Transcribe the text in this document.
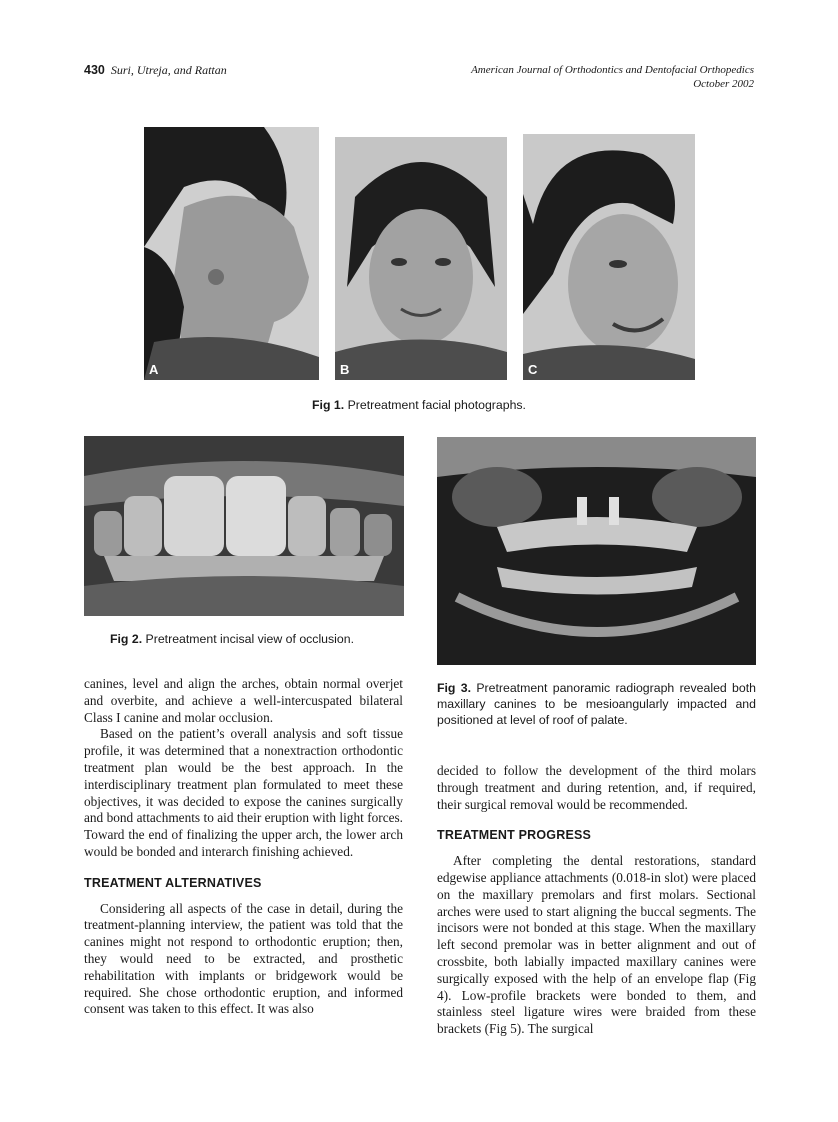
430 Suri, Utreja, and Rattan	American Journal of Orthodontics and Dentofacial Orthopedics
October 2002
A	B	C
Fig 1. Pretreatment facial photographs.
Fig 2. Pretreatment incisal view of occlusion.
Fig 3. Pretreatment panoramic radiograph revealed both maxillary canines to be mesioangularly impacted and positioned at level of roof of palate.

canines, level and align the arches, obtain normal overjet and overbite, and achieve a well-intercuspated bilateral Class I canine and molar occlusion.

Based on the patient’s overall analysis and soft tissue profile, it was determined that a nonextraction orthodontic treatment plan would be the best approach. In the interdisciplinary treatment plan formulated to meet these objectives, it was decided to expose the canines surgically and bond attachments to aid their eruption with light forces. Toward the end of finalizing the upper arch, the lower arch would be bonded and interarch finishing achieved.

TREATMENT ALTERNATIVES

Considering all aspects of the case in detail, during the treatment-planning interview, the patient was told that the canines might not respond to orthodontic eruption; then, they would need to be extracted, and prosthetic rehabilitation with implants or bridgework would be required. She chose orthodontic eruption, and informed consent was taken to this effect. It was also

decided to follow the development of the third molars through treatment and during retention, and, if required, their surgical removal would be recommended.

TREATMENT PROGRESS

After completing the dental restorations, standard edgewise appliance attachments (0.018-in slot) were placed on the maxillary premolars and first molars. Sectional arches were used to start aligning the buccal segments. The incisors were not bonded at this stage. When the maxillary left second premolar was in better alignment and out of crossbite, both labially impacted maxillary canines were surgically exposed with the help of an envelope flap (Fig 4). Low-profile brackets were bonded to them, and stainless steel ligature wires were braided from these brackets (Fig 5). The surgical
